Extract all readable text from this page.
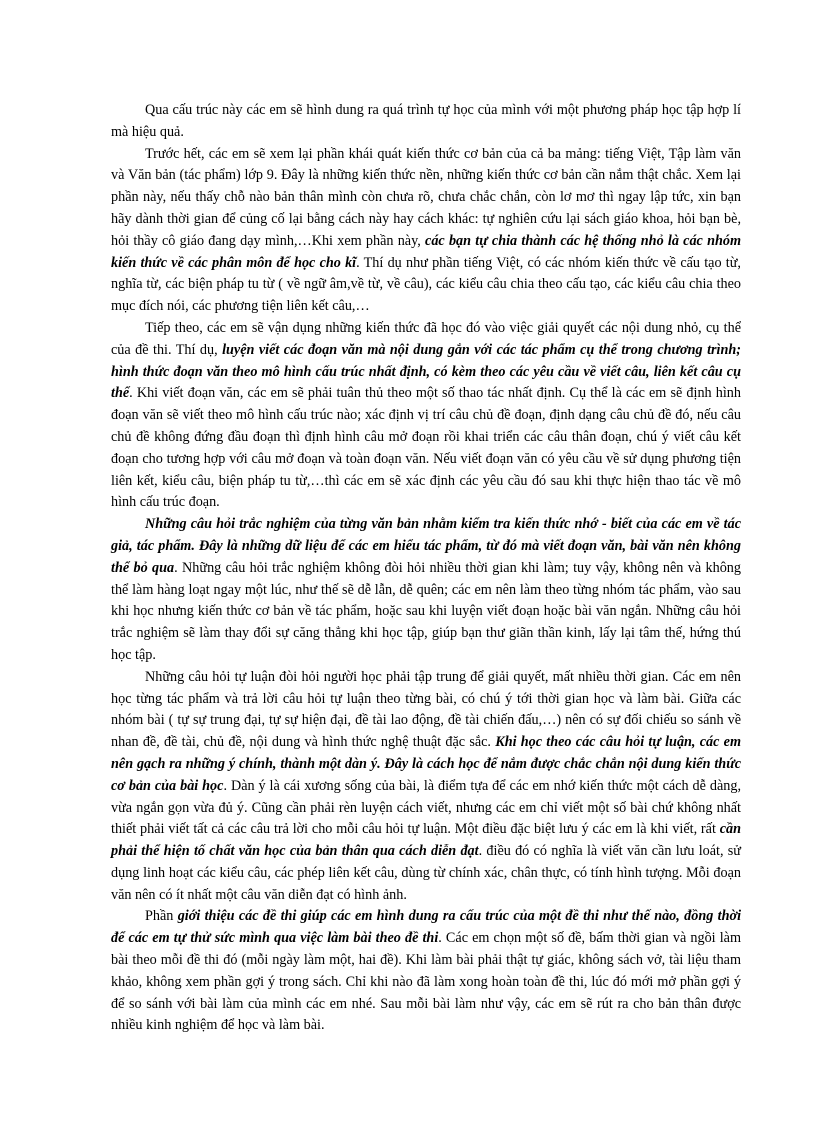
Qua cấu trúc này các em sẽ hình dung ra quá trình tự học của mình với một phương pháp học tập hợp lí mà hiệu quả.

Trước hết, các em sẽ xem lại phần khái quát kiến thức cơ bản của cả ba mảng: tiếng Việt, Tập làm văn và Văn bản (tác phẩm) lớp 9. Đây là những kiến thức nền, những kiến thức cơ bản cần nắm thật chắc. Xem lại phần này, nếu thấy chỗ nào bản thân mình còn chưa rõ, chưa chắc chắn, còn lơ mơ thì ngay lập tức, xin bạn hãy dành thời gian để củng cố lại bằng cách này hay cách khác: tự nghiên cứu lại sách giáo khoa, hỏi bạn bè, hỏi thầy cô giáo đang dạy mình,…Khi xem phần này, các bạn tự chia thành các hệ thống nhỏ là các nhóm kiến thức về các phân môn để học cho kĩ. Thí dụ như phần tiếng Việt, có các nhóm kiến thức về cấu tạo từ, nghĩa từ, các biện pháp tu từ ( về ngữ âm,về từ, về câu), các kiểu câu chia theo cấu tạo, các kiểu câu chia theo mục đích nói, các phương tiện liên kết câu,…

Tiếp theo, các em sẽ vận dụng những kiến thức đã học đó vào việc giải quyết các nội dung nhỏ, cụ thể của đề thi. Thí dụ, luyện viết các đoạn văn mà nội dung gắn với các tác phẩm cụ thể trong chương trình; hình thức đoạn văn theo mô hình cấu trúc nhất định, có kèm theo các yêu cầu về viết câu, liên kết câu cụ thể. Khi viết đoạn văn, các em sẽ phải tuân thủ theo một số thao tác nhất định. Cụ thể là các em sẽ định hình đoạn văn sẽ viết theo mô hình cấu trúc nào; xác định vị trí câu chủ đề đoạn, định dạng câu chủ đề đó, nếu câu chủ đề không đứng đầu đoạn thì định hình câu mở đoạn rồi khai triển các câu thân đoạn, chú ý viết câu kết đoạn cho tương hợp với câu mở đoạn và toàn đoạn văn. Nếu viết đoạn văn có yêu cầu về sử dụng phương tiện liên kết, kiểu câu, biện pháp tu từ,…thì các em sẽ xác định các yêu cầu đó sau khi thực hiện thao tác về mô hình cấu trúc đoạn.

Những câu hỏi trắc nghiệm của từng văn bản nhằm kiểm tra kiến thức nhớ - biết của các em về tác giả, tác phẩm. Đây là những dữ liệu để các em hiểu tác phẩm, từ đó mà viết đoạn văn, bài văn nên không thể bỏ qua. Những câu hỏi trắc nghiệm không đòi hỏi nhiều thời gian khi làm; tuy vậy, không nên và không thể làm hàng loạt ngay một lúc, như thế sẽ dễ lẫn, dễ quên; các em nên làm theo từng nhóm tác phẩm, vào sau khi học nhưng kiến thức cơ bản về tác phẩm, hoặc sau khi luyện viết đoạn hoặc bài văn ngắn. Những câu hỏi trắc nghiệm sẽ làm thay đổi sự căng thẳng khi học tập, giúp bạn thư giãn thần kinh, lấy lại tâm thế, hứng thú học tập.

Những câu hỏi tự luận đòi hỏi người học phải tập trung để giải quyết, mất nhiều thời gian. Các em nên học từng tác phẩm và trả lời câu hỏi tự luận theo từng bài, có chú ý tới thời gian học và làm bài. Giữa các nhóm bài ( tự sự trung đại, tự sự hiện đại, đề tài lao động, đề tài chiến đấu,…) nên có sự đối chiếu so sánh về nhan đề, đề tài, chủ đề, nội dung và hình thức nghệ thuật đặc sắc. Khi học theo các câu hỏi tự luận, các em nên gạch ra những ý chính, thành một dàn ý. Đây là cách học để nắm được chắc chắn nội dung kiến thức cơ bản của bài học. Dàn ý là cái xương sống của bài, là điểm tựa để các em nhớ kiến thức một cách dễ dàng, vừa ngắn gọn vừa đủ ý. Cũng cần phải rèn luyện cách viết, nhưng các em chỉ viết một số bài chứ không nhất thiết phải viết tất cả các câu trả lời cho mỗi câu hỏi tự luận. Một điều đặc biệt lưu ý các em là khi viết, rất cần phải thể hiện tố chất văn học của bản thân qua cách diễn đạt. điều đó có nghĩa là viết văn cần lưu loát, sử dụng linh hoạt các kiểu câu, các phép liên kết câu, dùng từ chính xác, chân thực, có tính hình tượng. Mỗi đoạn văn nên có ít nhất một câu văn diễn đạt có hình ảnh.

Phần giới thiệu các đề thi giúp các em hình dung ra cấu trúc của một đề thi như thế nào, đồng thời để các em tự thử sức mình qua việc làm bài theo đề thi. Các em chọn một số đề, bấm thời gian và ngồi làm bài theo mỗi đề thi đó (mỗi ngày làm một, hai đề). Khi làm bài phải thật tự giác, không sách vở, tài liệu tham khảo, không xem phần gợi ý trong sách. Chỉ khi nào đã làm xong hoàn toàn đề thi, lúc đó mới mở phần gợi ý để so sánh với bài làm của mình các em nhé. Sau mỗi bài làm như vậy, các em sẽ rút ra cho bản thân được nhiều kinh nghiệm để học và làm bài.
